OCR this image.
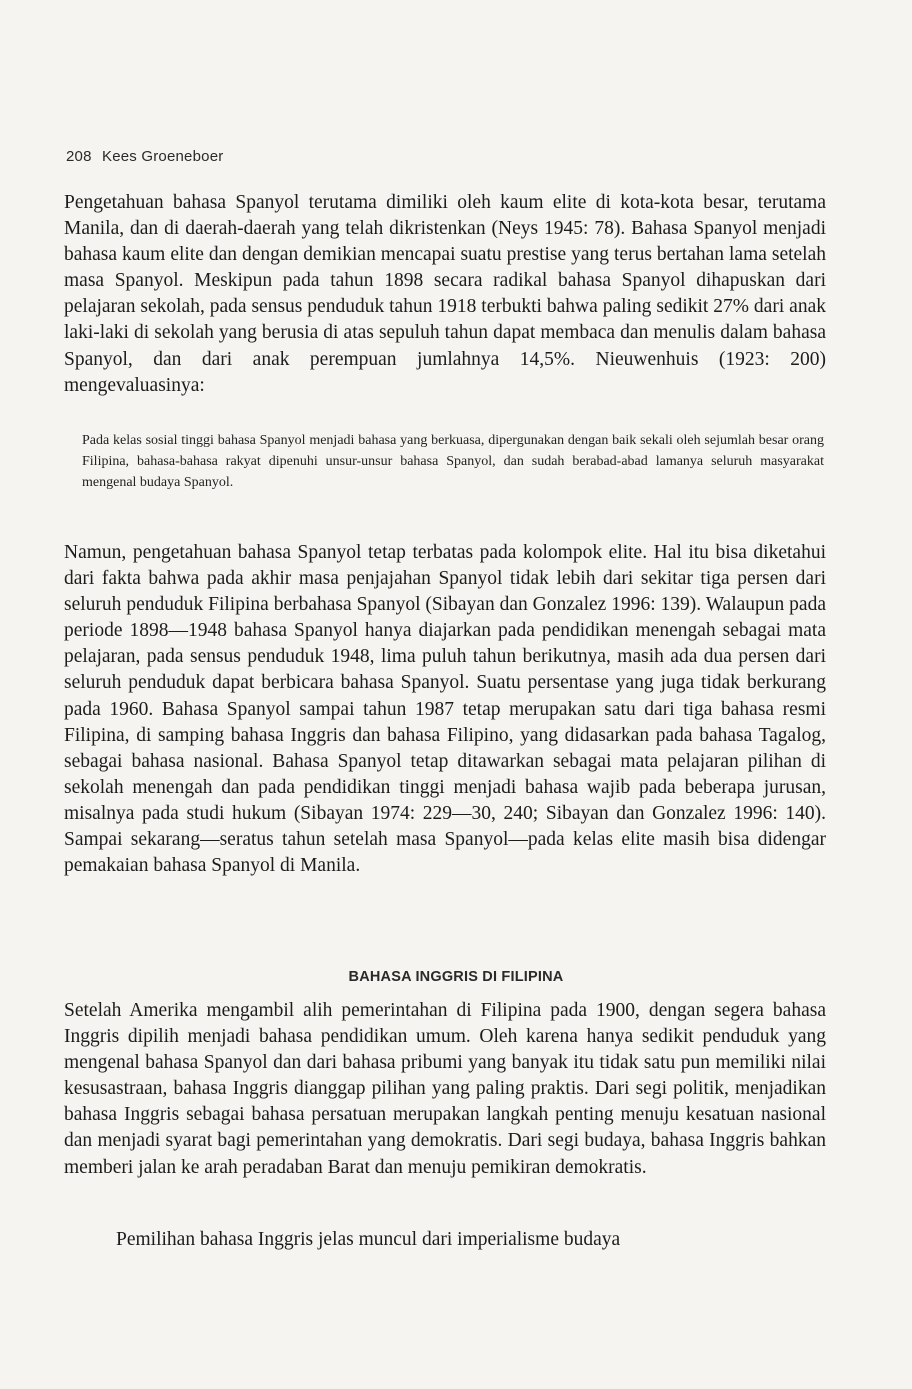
208 Kees Groeneboer

Pengetahuan bahasa Spanyol terutama dimiliki oleh kaum elite di kota-kota besar, terutama Manila, dan di daerah-daerah yang telah dikristenkan (Neys 1945: 78). Bahasa Spanyol menjadi bahasa kaum elite dan dengan demikian mencapai suatu prestise yang terus bertahan lama setelah masa Spanyol. Meskipun pada tahun 1898 secara radikal bahasa Spanyol dihapuskan dari pelajaran sekolah, pada sensus penduduk tahun 1918 terbukti bahwa paling sedikit 27% dari anak laki-laki di sekolah yang berusia di atas sepuluh tahun dapat membaca dan menulis dalam bahasa Spanyol, dan dari anak perempuan jumlahnya 14,5%. Nieuwenhuis (1923: 200) mengevaluasinya:

Pada kelas sosial tinggi bahasa Spanyol menjadi bahasa yang berkuasa, dipergunakan dengan baik sekali oleh sejumlah besar orang Filipina, bahasa-bahasa rakyat dipenuhi unsur-unsur bahasa Spanyol, dan sudah berabad-abad lamanya seluruh masyarakat mengenal budaya Spanyol.

Namun, pengetahuan bahasa Spanyol tetap terbatas pada kolompok elite. Hal itu bisa diketahui dari fakta bahwa pada akhir masa penjajahan Spanyol tidak lebih dari sekitar tiga persen dari seluruh penduduk Filipina berbahasa Spanyol (Sibayan dan Gonzalez 1996: 139). Walaupun pada periode 1898—1948 bahasa Spanyol hanya diajarkan pada pendidikan menengah sebagai mata pelajaran, pada sensus penduduk 1948, lima puluh tahun berikutnya, masih ada dua persen dari seluruh penduduk dapat berbicara bahasa Spanyol. Suatu persentase yang juga tidak berkurang pada 1960. Bahasa Spanyol sampai tahun 1987 tetap merupakan satu dari tiga bahasa resmi Filipina, di samping bahasa Inggris dan bahasa Filipino, yang didasarkan pada bahasa Tagalog, sebagai bahasa nasional. Bahasa Spanyol tetap ditawarkan sebagai mata pelajaran pilihan di sekolah menengah dan pada pendidikan tinggi menjadi bahasa wajib pada beberapa jurusan, misalnya pada studi hukum (Sibayan 1974: 229—30, 240; Sibayan dan Gonzalez 1996: 140). Sampai sekarang—seratus tahun setelah masa Spanyol—pada kelas elite masih bisa didengar pemakaian bahasa Spanyol di Manila.

BAHASA INGGRIS DI FILIPINA

Setelah Amerika mengambil alih pemerintahan di Filipina pada 1900, dengan segera bahasa Inggris dipilih menjadi bahasa pendidikan umum. Oleh karena hanya sedikit penduduk yang mengenal bahasa Spanyol dan dari bahasa pribumi yang banyak itu tidak satu pun memiliki nilai kesusastraan, bahasa Inggris dianggap pilihan yang paling praktis. Dari segi politik, menjadikan bahasa Inggris sebagai bahasa persatuan merupakan langkah penting menuju kesatuan nasional dan menjadi syarat bagi pemerintahan yang demokratis. Dari segi budaya, bahasa Inggris bahkan memberi jalan ke arah peradaban Barat dan menuju pemikiran demokratis.

Pemilihan bahasa Inggris jelas muncul dari imperialisme budaya
